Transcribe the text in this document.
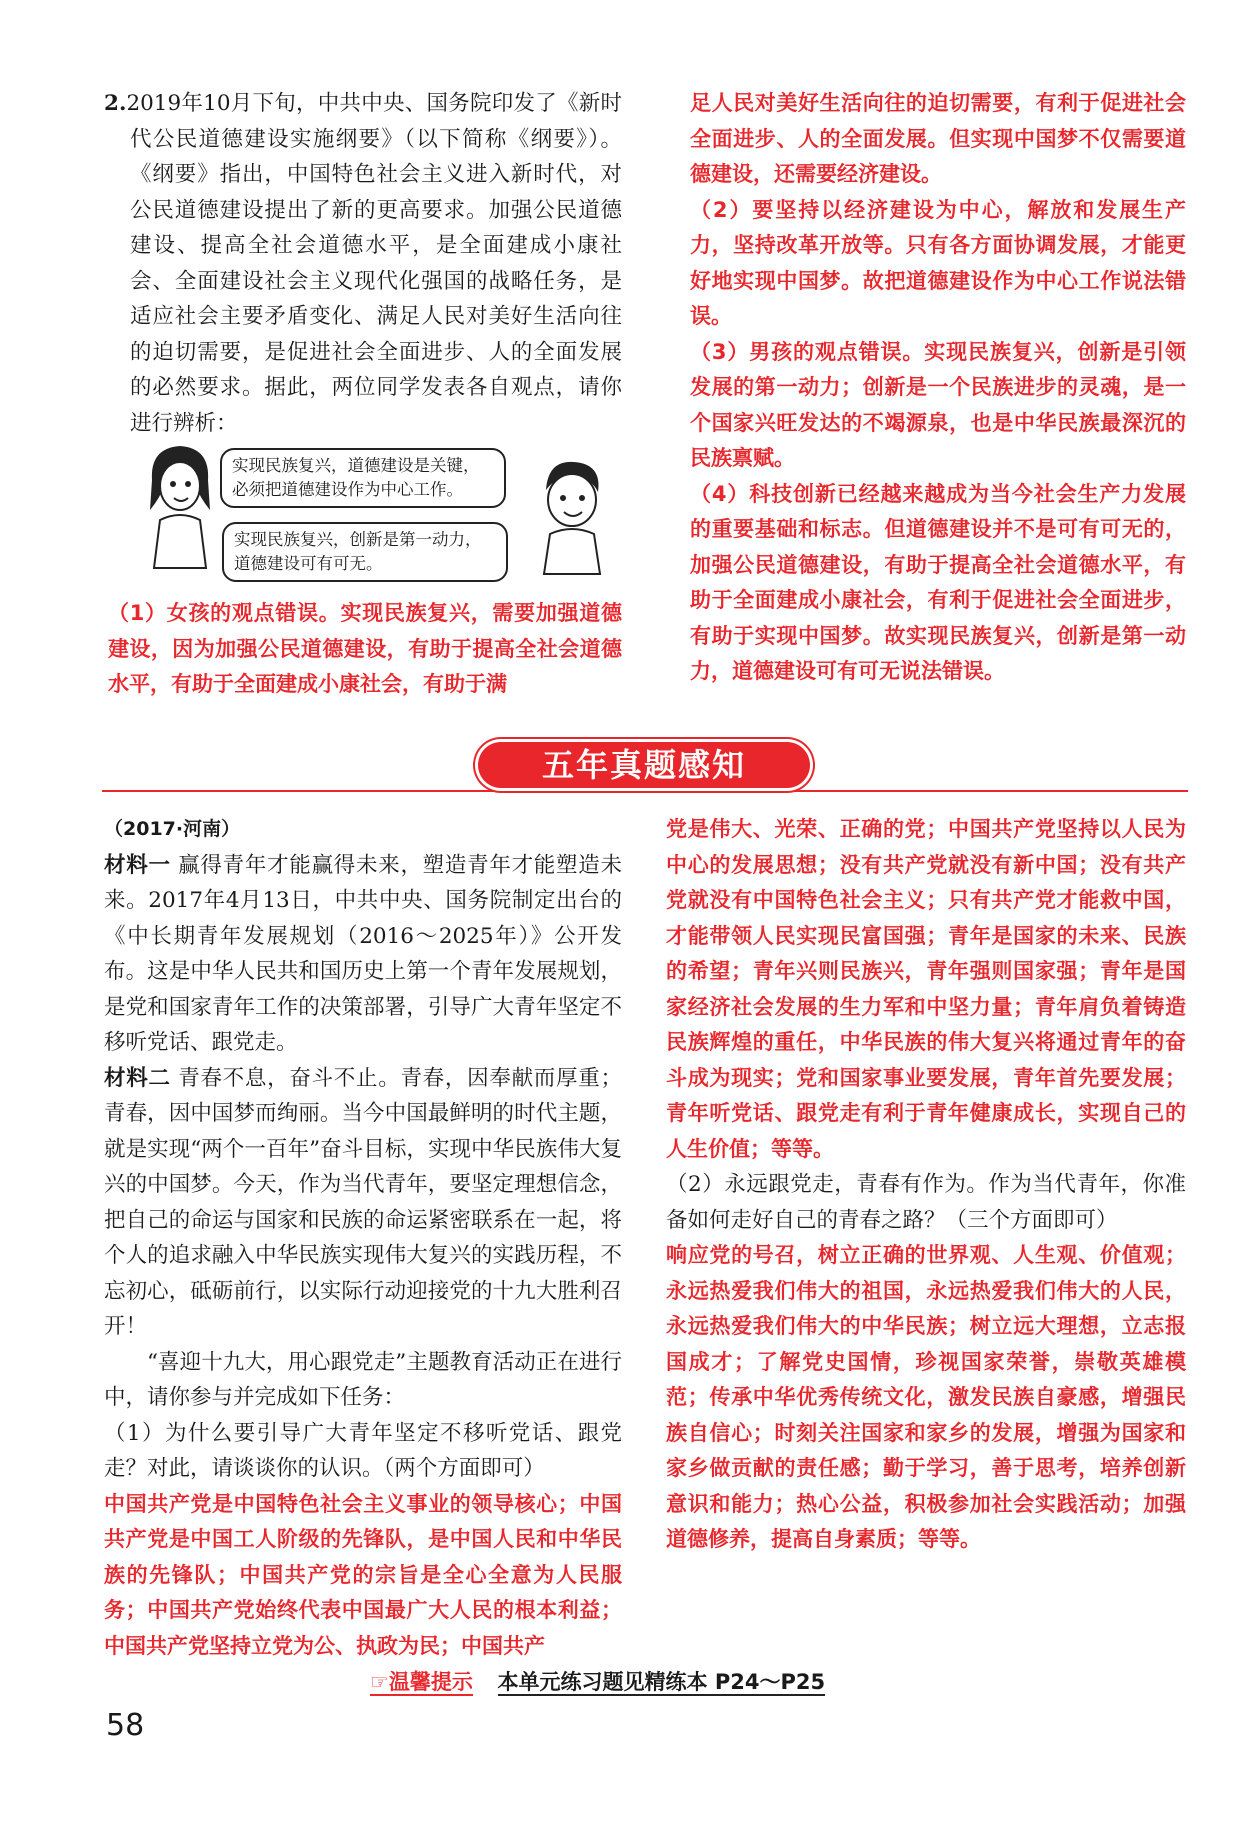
2.2019年10月下旬，中共中央、国务院印发了《新时代公民道德建设实施纲要》（以下简称《纲要》）。《纲要》指出，中国特色社会主义进入新时代，对公民道德建设提出了新的更高要求。加强公民道德建设、提高全社会道德水平，是全面建成小康社会、全面建设社会主义现代化强国的战略任务，是适应社会主要矛盾变化、满足人民对美好生活向往的迫切需要，是促进社会全面进步、人的全面发展的必然要求。据此，两位同学发表各自观点，请你进行辨析：

实现民族复兴，道德建设是关键，必须把道德建设作为中心工作。
实现民族复兴，创新是第一动力，道德建设可有可无。

（1）女孩的观点错误。实现民族复兴，需要加强道德建设，因为加强公民道德建设，有助于提高全社会道德水平，有助于全面建成小康社会，有助于满

足人民对美好生活向往的迫切需要，有利于促进社会全面进步、人的全面发展。但实现中国梦不仅需要道德建设，还需要经济建设。

（2）要坚持以经济建设为中心，解放和发展生产力，坚持改革开放等。只有各方面协调发展，才能更好地实现中国梦。故把道德建设作为中心工作说法错误。

（3）男孩的观点错误。实现民族复兴，创新是引领发展的第一动力；创新是一个民族进步的灵魂，是一个国家兴旺发达的不竭源泉，也是中华民族最深沉的民族禀赋。

（4）科技创新已经越来越成为当今社会生产力发展的重要基础和标志。但道德建设并不是可有可无的，加强公民道德建设，有助于提高全社会道德水平，有助于全面建成小康社会，有利于促进社会全面进步，有助于实现中国梦。故实现民族复兴，创新是第一动力，道德建设可有可无说法错误。

五年真题感知

（2017·河南）

材料一 赢得青年才能赢得未来，塑造青年才能塑造未来。2017年4月13日，中共中央、国务院制定出台的《中长期青年发展规划（2016～2025年）》公开发布。这是中华人民共和国历史上第一个青年发展规划，是党和国家青年工作的决策部署，引导广大青年坚定不移听党话、跟党走。

材料二 青春不息，奋斗不止。青春，因奉献而厚重；青春，因中国梦而绚丽。当今中国最鲜明的时代主题，就是实现“两个一百年”奋斗目标，实现中华民族伟大复兴的中国梦。今天，作为当代青年，要坚定理想信念，把自己的命运与国家和民族的命运紧密联系在一起，将个人的追求融入中华民族实现伟大复兴的实践历程，不忘初心，砥砺前行，以实际行动迎接党的十九大胜利召开！

“喜迎十九大，用心跟党走”主题教育活动正在进行中，请你参与并完成如下任务：

（1）为什么要引导广大青年坚定不移听党话、跟党走？对此，请谈谈你的认识。（两个方面即可）

中国共产党是中国特色社会主义事业的领导核心；中国共产党是中国工人阶级的先锋队，是中国人民和中华民族的先锋队；中国共产党的宗旨是全心全意为人民服务；中国共产党始终代表中国最广大人民的根本利益；中国共产党坚持立党为公、执政为民；中国共产

党是伟大、光荣、正确的党；中国共产党坚持以人民为中心的发展思想；没有共产党就没有新中国；没有共产党就没有中国特色社会主义；只有共产党才能救中国，才能带领人民实现民富国强；青年是国家的未来、民族的希望；青年兴则民族兴，青年强则国家强；青年是国家经济社会发展的生力军和中坚力量；青年肩负着铸造民族辉煌的重任，中华民族的伟大复兴将通过青年的奋斗成为现实；党和国家事业要发展，青年首先要发展；青年听党话、跟党走有利于青年健康成长，实现自己的人生价值；等等。

（2）永远跟党走，青春有作为。作为当代青年，你准备如何走好自己的青春之路？（三个方面即可）

响应党的号召，树立正确的世界观、人生观、价值观；永远热爱我们伟大的祖国，永远热爱我们伟大的人民，永远热爱我们伟大的中华民族；树立远大理想，立志报国成才；了解党史国情，珍视国家荣誉，崇敬英雄模范；传承中华优秀传统文化，激发民族自豪感，增强民族自信心；时刻关注国家和家乡的发展，增强为国家和家乡做贡献的责任感；勤于学习，善于思考，培养创新意识和能力；热心公益，积极参加社会实践活动；加强道德修养，提高自身素质；等等。

☞温馨提示 本单元练习题见精练本 P24～P25
58
